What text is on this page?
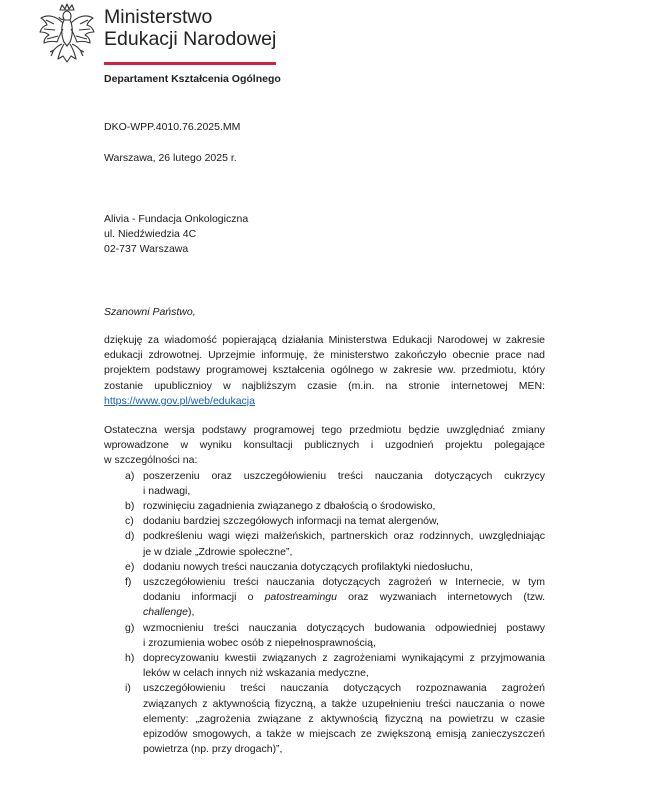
Ministerstwo
Edukacji Narodowej
Departament Kształcenia Ogólnego
DKO-WPP.4010.76.2025.MM
Warszawa, 26 lutego 2025 r.
Alivia - Fundacja Onkologiczna
ul. Niedźwiedzia 4C
02-737 Warszawa
Szanowni Państwo,
dziękuję za wiadomość popierającą działania Ministerstwa Edukacji Narodowej w zakresie
edukacji zdrowotnej. Uprzejmie informuję, że ministerstwo zakończyło obecnie prace nad
projektem podstawy programowej kształcenia ogólnego w zakresie ww. przedmiotu, który
zostanie upublicznioy w najbliższym czasie (m.in. na stronie internetowej MEN:
https://www.gov.pl/web/edukacja
Ostateczna wersja podstawy programowej tego przedmiotu będzie uwzględniać zmiany
wprowadzone w wyniku konsultacji publicznych i uzgodnień projektu polegające
w szczególności na:
a) poszerzeniu oraz uszczegółowieniu treści nauczania dotyczących cukrzycy
i nadwagi,
b) rozwinięciu zagadnienia związanego z dbałością o środowisko,
c) dodaniu bardziej szczegółowych informacji na temat alergenów,
d) podkreśleniu wagi więzi małżeńskich, partnerskich oraz rodzinnych, uwzględniając
je w dziale „Zdrowie społeczne”,
e) dodaniu nowych treści nauczania dotyczących profilaktyki niedosłuchu,
f) uszczegółowieniu treści nauczania dotyczących zagrożeń w Internecie, w tym
dodaniu informacji o patostreamingu oraz wyzwaniach internetowych (tzw.
challenge),
g) wzmocnieniu treści nauczania dotyczących budowania odpowiedniej postawy
i zrozumienia wobec osób z niepełnosprawnością,
h) doprecyzowaniu kwestii związanych z zagrożeniami wynikającymi z przyjmowania
leków w celach innych niż wskazania medyczne,
i) uszczegółowieniu treści nauczania dotyczących rozpoznawania zagrożeń
związanych z aktywnością fizyczną, a także uzupełnieniu treści nauczania o nowe
elementy: „zagrożenia związane z aktywnością fizyczną na powietrzu w czasie
epizodów smogowych, a także w miejscach ze zwiększoną emisją zanieczyszczeń
powietrza (np. przy drogach)”,
